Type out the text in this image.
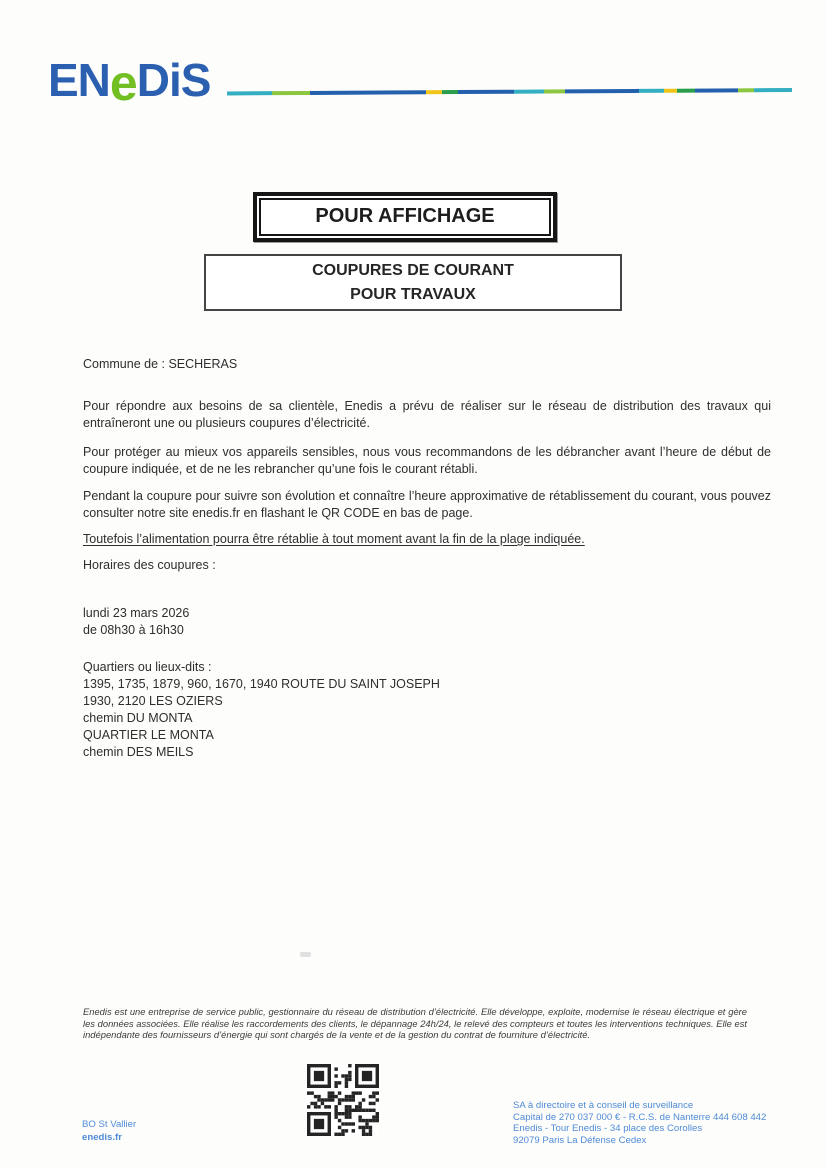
ENeDiS
POUR AFFICHAGE
COUPURES DE COURANT
POUR TRAVAUX

Commune de : SECHERAS

Pour répondre aux besoins de sa clientèle, Enedis a prévu de réaliser sur le réseau de distribution des travaux qui entraîneront une ou plusieurs coupures d’électricité.

Pour protéger au mieux vos appareils sensibles, nous vous recommandons de les débrancher avant l’heure de début de coupure indiquée, et de ne les rebrancher qu’une fois le courant rétabli.

Pendant la coupure pour suivre son évolution et connaître l’heure approximative de rétablissement du courant, vous pouvez consulter notre site enedis.fr en flashant le QR CODE en bas de page.

Toutefois l’alimentation pourra être rétablie à tout moment avant la fin de la plage indiquée.

Horaires des coupures :

lundi 23 mars 2026

de 08h30 à 16h30

Quartiers ou lieux-dits :

1395, 1735, 1879, 960, 1670, 1940 ROUTE DU SAINT JOSEPH

1930, 2120 LES OZIERS

chemin DU MONTA

QUARTIER LE MONTA

chemin DES MEILS

Enedis est une entreprise de service public, gestionnaire du réseau de distribution d’électricité. Elle développe, exploite, modernise le réseau électrique et gère les données associées. Elle réalise les raccordements des clients, le dépannage 24h/24, le relevé des compteurs et toutes les interventions techniques. Elle est indépendante des fournisseurs d’énergie qui sont chargés de la vente et de la gestion du contrat de fourniture d’électricité.
BO St Vallier
enedis.fr
SA à directoire et à conseil de surveillance
Capital de 270 037 000 € - R.C.S. de Nanterre 444 608 442
Enedis - Tour Enedis - 34 place des Corolles
92079 Paris La Défense Cedex
